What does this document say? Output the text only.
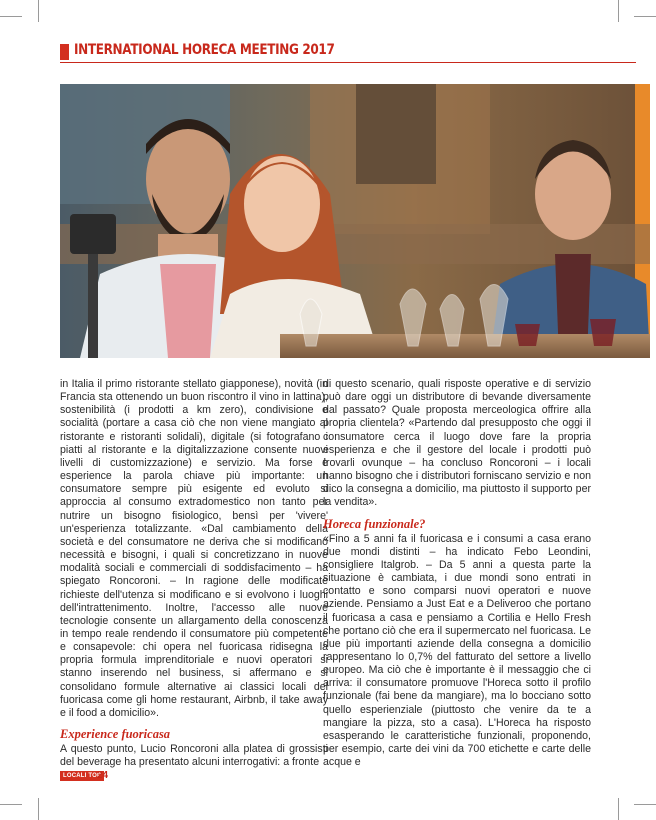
INTERNATIONAL HORECA MEETING 2017

in Italia il primo ristorante stellato giapponese), novità (in Francia sta ottenendo un buon riscontro il vino in lattina), sostenibilità (i prodotti a km zero), condivisione e socialità (portare a casa ciò che non viene mangiato al ristorante e ristoranti solidali), digitale (si fotografano i piatti al ristorante e la digitalizzazione consente nuovi livelli di customizzazione) e servizio. Ma forse è esperience la parola chiave più importante: un consumatore sempre più esigente ed evoluto si approccia al consumo extradomestico non tanto per nutrire un bisogno fisiologico, bensì per 'vivere' un'esperienza totalizzante. «Dal cambiamento della società e del consumatore ne deriva che si modificano necessità e bisogni, i quali si concretizzano in nuove modalità sociali e commerciali di soddisfacimento – ha spiegato Roncoroni. – In ragione delle modificate richieste dell'utenza si modificano e si evolvono i luoghi dell'intrattenimento. Inoltre, l'accesso alle nuove tecnologie consente un allargamento della conoscenza in tempo reale rendendo il consumatore più competente e consapevole: chi opera nel fuoricasa ridisegna la propria formula imprenditoriale e nuovi operatori si stanno inserendo nel business, si affermano e si consolidano formule alternative ai classici locali del fuoricasa come gli home restaurant, Airbnb, il take away e il food a domicilio».

Experience fuoricasa

A questo punto, Lucio Roncoroni alla platea di grossisti del beverage ha presentato alcuni interrogativi: a fronte

di questo scenario, quali risposte operative e di servizio può dare oggi un distributore di bevande diversamente dal passato? Quale proposta merceologica offrire alla propria clientela? «Partendo dal presupposto che oggi il consumatore cerca il luogo dove fare la propria esperienza e che il gestore del locale i prodotti può trovarli ovunque – ha concluso Roncoroni – i locali hanno bisogno che i distributori forniscano servizio e non dico la consegna a domicilio, ma piuttosto il supporto per la vendita».

Horeca funzionale?

«Fino a 5 anni fa il fuoricasa e i consumi a casa erano due mondi distinti – ha indicato Febo Leondini, consigliere Italgrob. – Da 5 anni a questa parte la situazione è cambiata, i due mondi sono entrati in contatto e sono comparsi nuovi operatori e nuove aziende. Pensiamo a Just Eat e a Deliveroo che portano il fuoricasa a casa e pensiamo a Cortilia e Hello Fresh che portano ciò che era il supermercato nel fuoricasa. Le due più importanti aziende della consegna a domicilio rappresentano lo 0,7% del fatturato del settore a livello europeo. Ma ciò che è importante è il messaggio che ci arriva: il consumatore promuove l'Horeca sotto il profilo funzionale (fai bene da mangiare), ma lo bocciano sotto quello esperienziale (piuttosto che venire da te a mangiare la pizza, sto a casa). L'Horeca ha risposto esasperando le caratteristiche funzionali, proponendo, per esempio, carte dei vini da 700 etichette e carte delle acque e

LOCALI TOP
24
